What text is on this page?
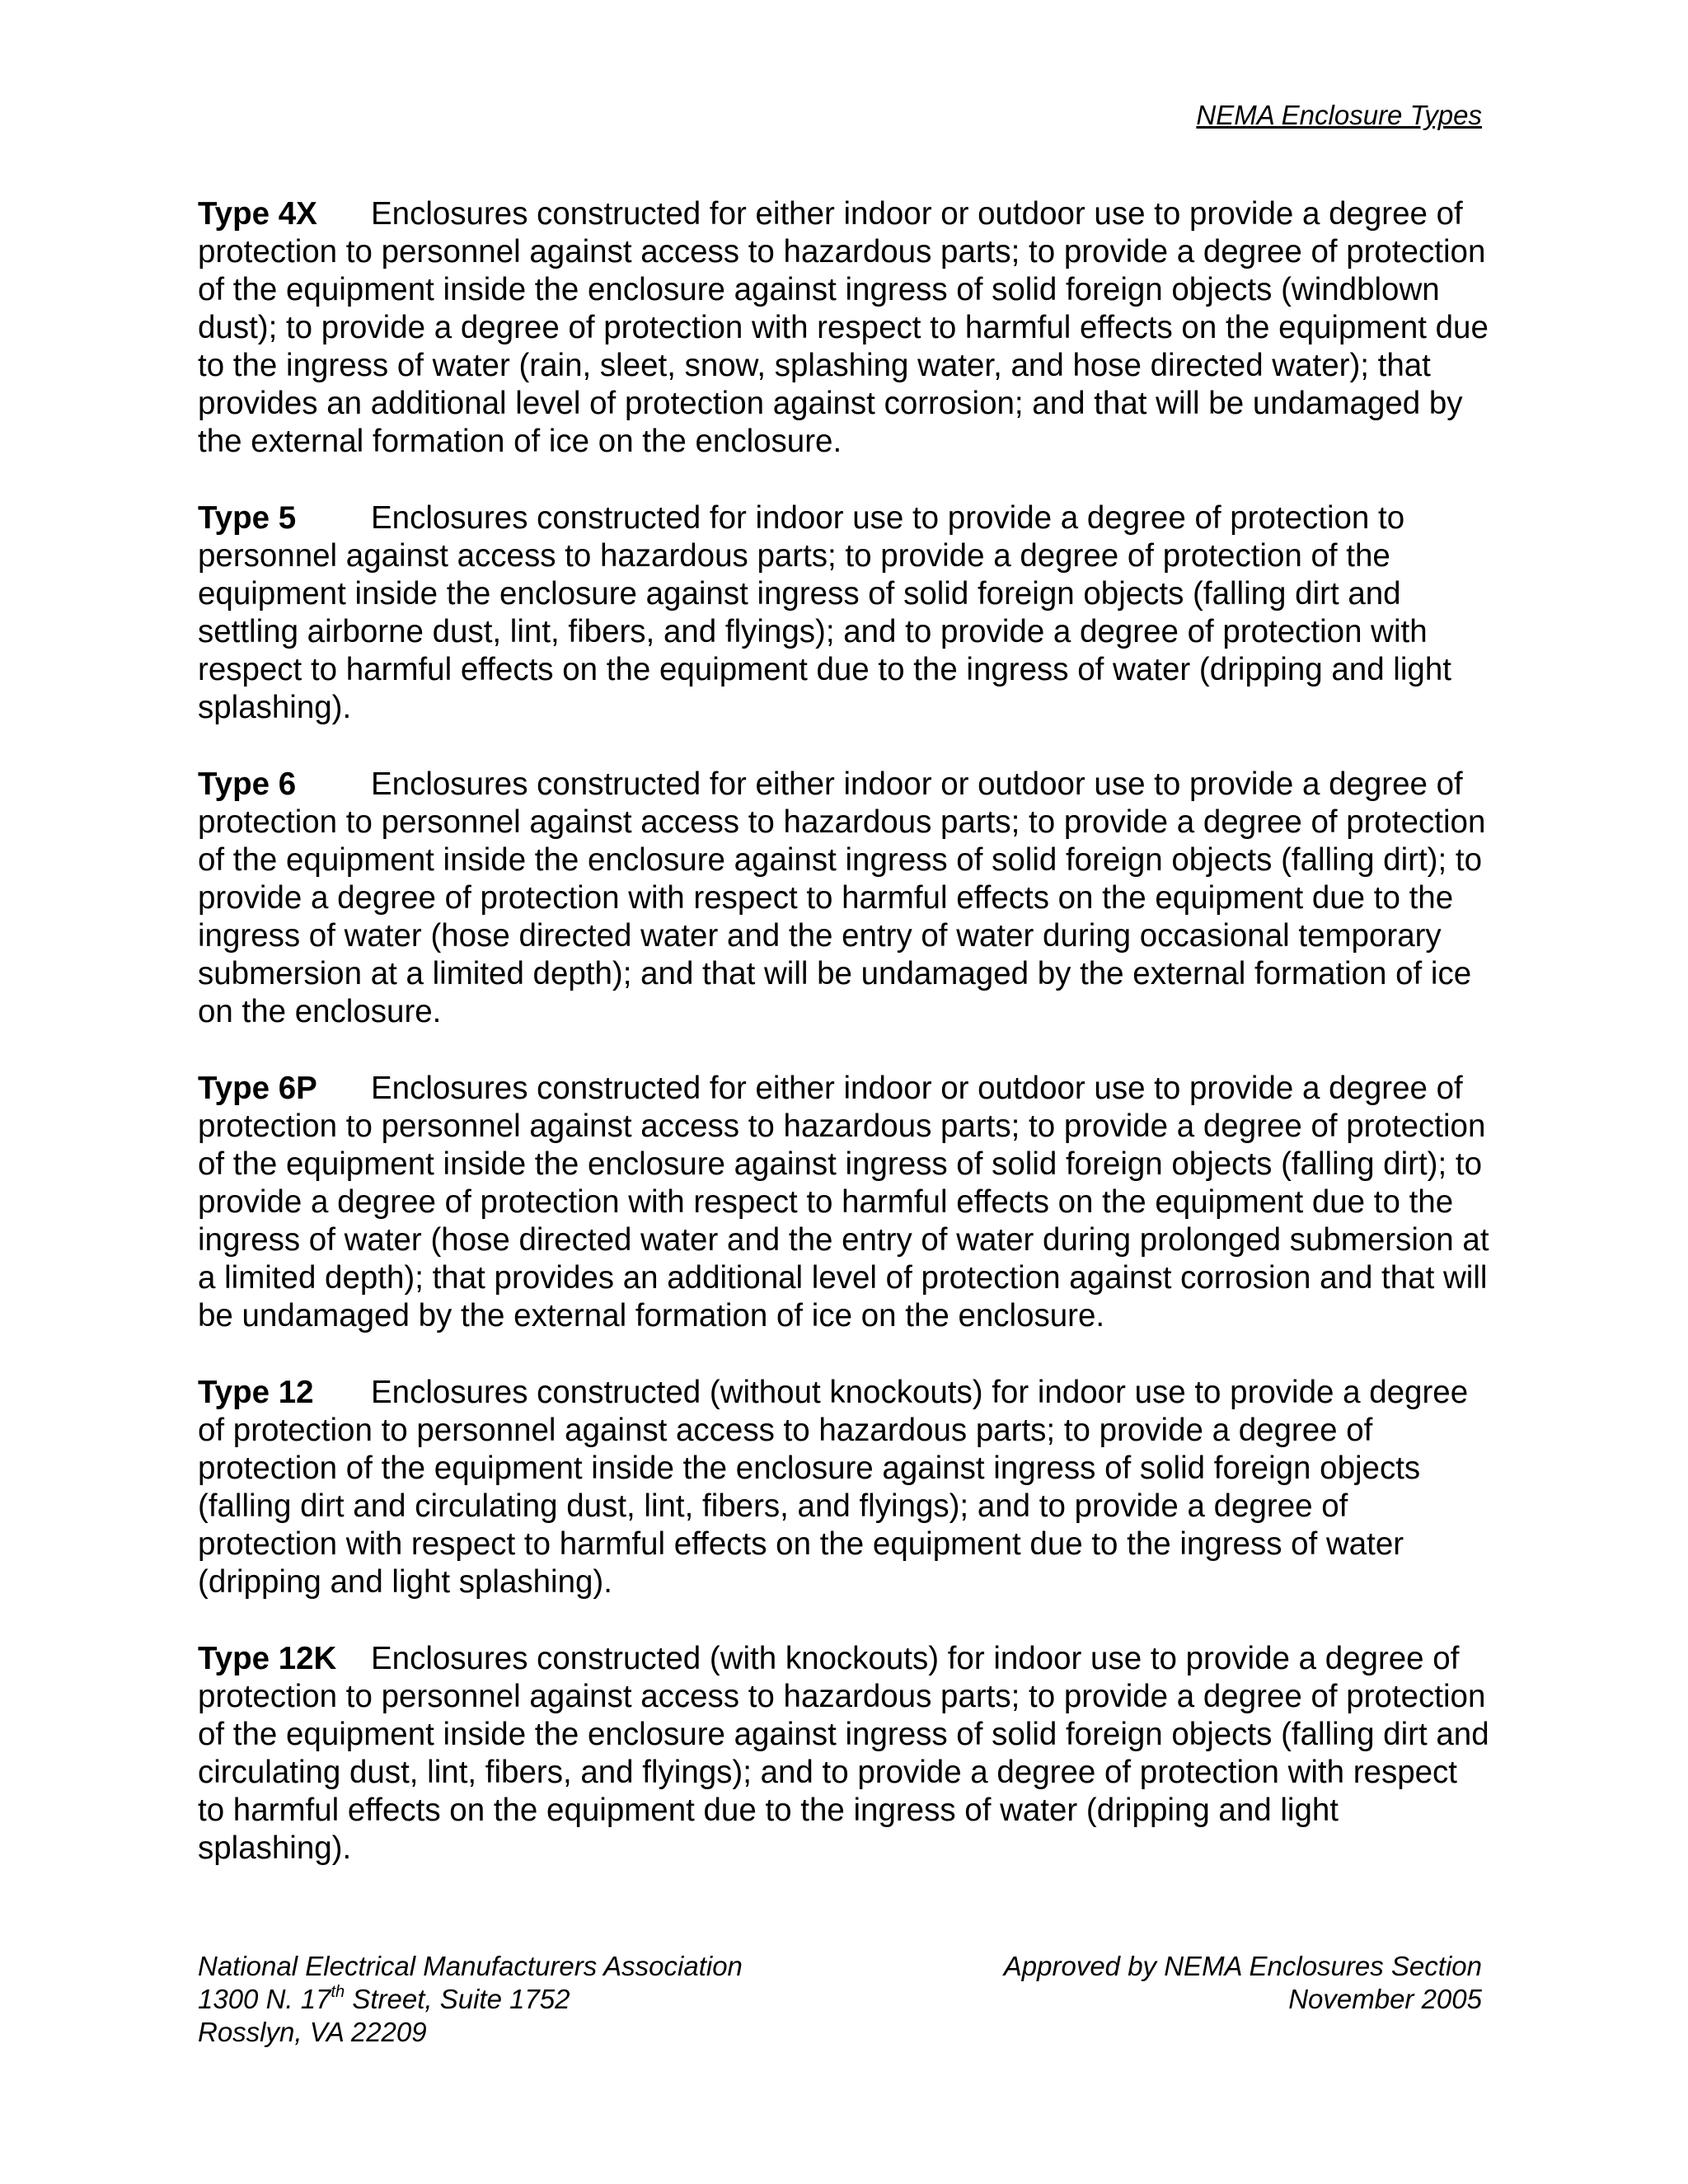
NEMA Enclosure Types

Type 4X Enclosures constructed for either indoor or outdoor use to provide a degree of protection to personnel against access to hazardous parts; to provide a degree of protection of the equipment inside the enclosure against ingress of solid foreign objects (windblown dust); to provide a degree of protection with respect to harmful effects on the equipment due to the ingress of water (rain, sleet, snow, splashing water, and hose directed water); that provides an additional level of protection against corrosion; and that will be undamaged by the external formation of ice on the enclosure.

Type 5 Enclosures constructed for indoor use to provide a degree of protection to personnel against access to hazardous parts; to provide a degree of protection of the equipment inside the enclosure against ingress of solid foreign objects (falling dirt and settling airborne dust, lint, fibers, and flyings); and to provide a degree of protection with respect to harmful effects on the equipment due to the ingress of water (dripping and light splashing).

Type 6 Enclosures constructed for either indoor or outdoor use to provide a degree of protection to personnel against access to hazardous parts; to provide a degree of protection of the equipment inside the enclosure against ingress of solid foreign objects (falling dirt); to provide a degree of protection with respect to harmful effects on the equipment due to the ingress of water (hose directed water and the entry of water during occasional temporary submersion at a limited depth); and that will be undamaged by the external formation of ice on the enclosure.

Type 6P Enclosures constructed for either indoor or outdoor use to provide a degree of protection to personnel against access to hazardous parts; to provide a degree of protection of the equipment inside the enclosure against ingress of solid foreign objects (falling dirt); to provide a degree of protection with respect to harmful effects on the equipment due to the ingress of water (hose directed water and the entry of water during prolonged submersion at a limited depth); that provides an additional level of protection against corrosion and that will be undamaged by the external formation of ice on the enclosure.

Type 12 Enclosures constructed (without knockouts) for indoor use to provide a degree of protection to personnel against access to hazardous parts; to provide a degree of protection of the equipment inside the enclosure against ingress of solid foreign objects (falling dirt and circulating dust, lint, fibers, and flyings); and to provide a degree of protection with respect to harmful effects on the equipment due to the ingress of water (dripping and light splashing).

Type 12K Enclosures constructed (with knockouts) for indoor use to provide a degree of protection to personnel against access to hazardous parts; to provide a degree of protection of the equipment inside the enclosure against ingress of solid foreign objects (falling dirt and circulating dust, lint, fibers, and flyings); and to provide a degree of protection with respect to harmful effects on the equipment due to the ingress of water (dripping and light splashing).

National Electrical Manufacturers Association
1300 N. 17th Street, Suite 1752
Rosslyn, VA 22209
Approved by NEMA Enclosures Section
November 2005
